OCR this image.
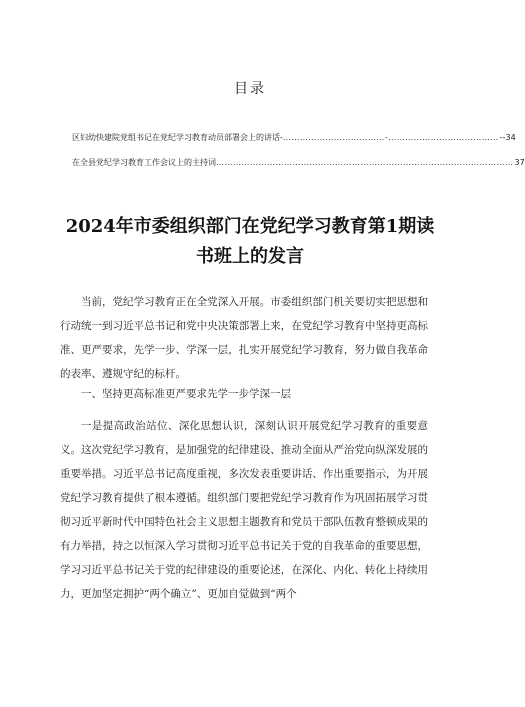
目录
区妇幼快建院党组书记在党纪学习教育动员部署会上的讲话- ………………………………-………………………………… --34
在全县党纪学习教育工作会议上的主持词 …………………………………………………………………………………………… 37
2024年市委组织部门在党纪学习教育第1期读书班上的发言

当前，党纪学习教育正在全党深入开展。市委组织部门机关要切实把思想和行动统一到习近平总书记和党中央决策部署上来，在党纪学习教育中坚持更高标准、更严要求，先学一步、学深一层，扎实开展党纪学习教育，努力做自我革命的表率、遵规守纪的标杆。

一、坚持更高标准更严要求先学一步学深一层

一是提高政治站位、深化思想认识，深刻认识开展党纪学习教育的重要意义。这次党纪学习教育，是加强党的纪律建设、推动全面从严治党向纵深发展的重要举措。习近平总书记高度重视，多次发表重要讲话、作出重要指示，为开展党纪学习教育提供了根本遵循。组织部门要把党纪学习教育作为巩固拓展学习贯彻习近平新时代中国特色社会主义思想主题教育和党员干部队伍教育整顿成果的有力举措，持之以恒深入学习贯彻习近平总书记关于党的自我革命的重要思想，学习习近平总书记关于党的纪律建设的重要论述，在深化、内化、转化上持续用力，更加坚定拥护“两个确立”、更加自觉做到“两个
